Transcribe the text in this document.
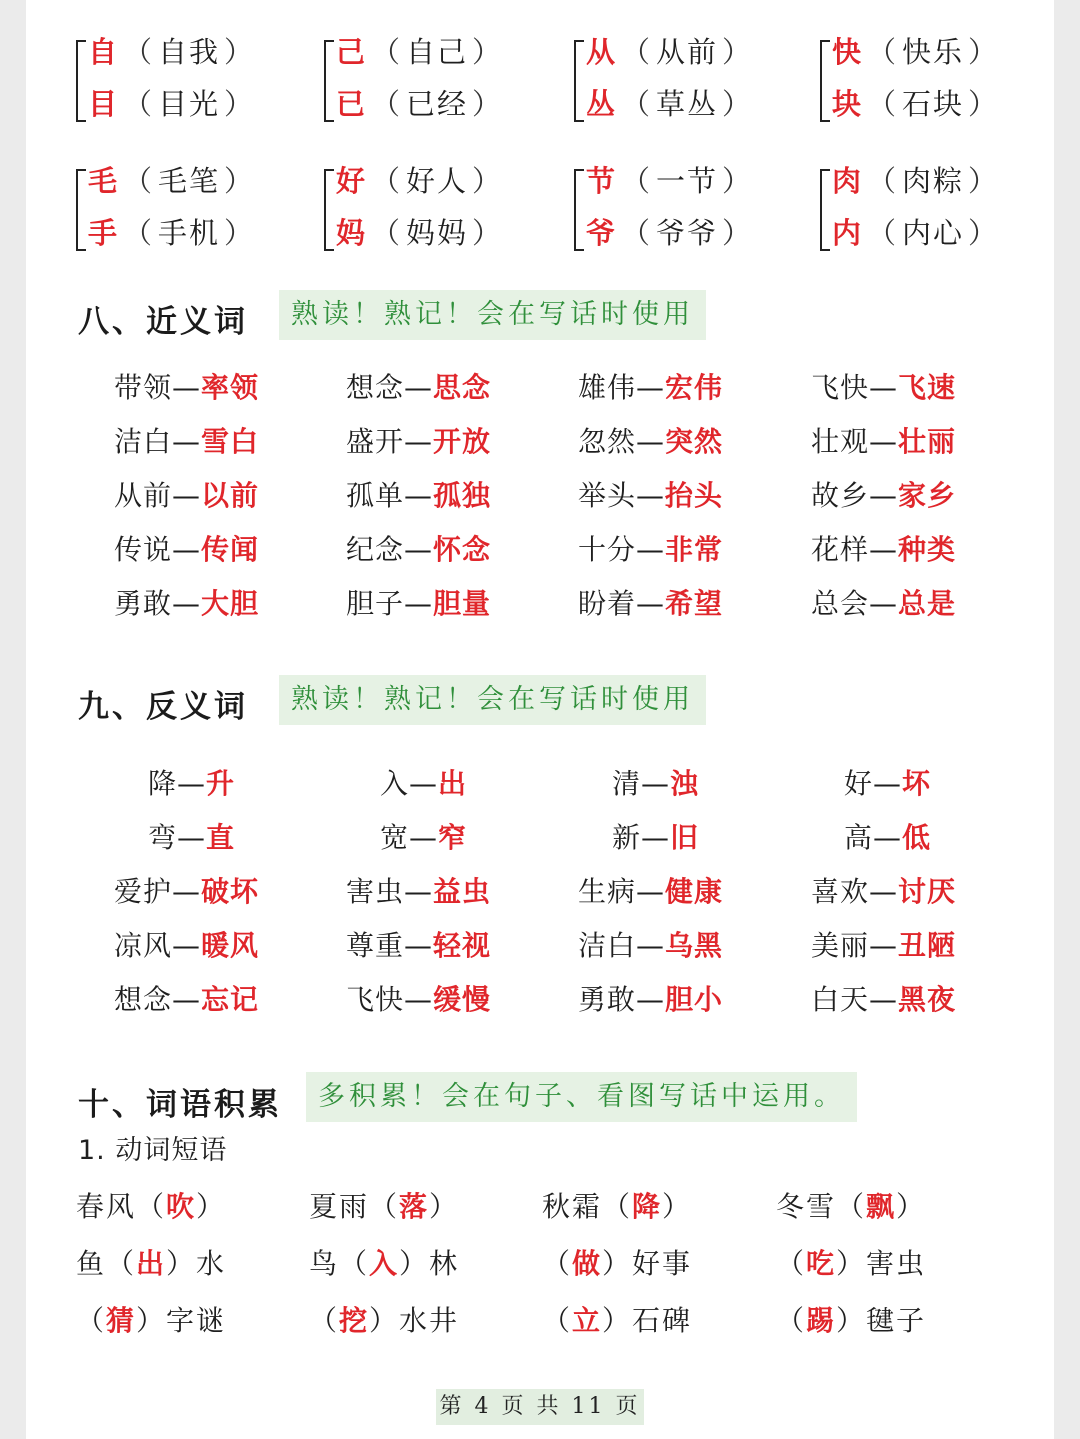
自 （ 自我 ）
目 （ 目光 ）
己 （ 自己 ）
已 （ 已经 ）
从 （ 从前 ）
丛 （ 草丛 ）
快 （ 快乐 ）
块 （ 石块 ）
毛 （ 毛笔 ）
手 （ 手机 ）
好 （ 好人 ）
妈 （ 妈妈 ）
节 （ 一节 ）
爷 （ 爷爷 ）
肉 （ 肉粽 ）
内 （ 内心 ）
八、近义词	熟读！熟记！会在写话时使用
带领—率领	想念—思念	雄伟—宏伟	飞快—飞速
洁白—雪白	盛开—开放	忽然—突然	壮观—壮丽
从前—以前	孤单—孤独	举头—抬头	故乡—家乡
传说—传闻	纪念—怀念	十分—非常	花样—种类
勇敢—大胆	胆子—胆量	盼着—希望	总会—总是
九、反义词	熟读！熟记！会在写话时使用
降—升	入—出	清—浊	好—坏
弯—直	宽—窄	新—旧	高—低
爱护—破坏	害虫—益虫	生病—健康	喜欢—讨厌
凉风—暖风	尊重—轻视	洁白—乌黑	美丽—丑陋
想念—忘记	飞快—缓慢	勇敢—胆小	白天—黑夜
十、词语积累	多积累！会在句子、看图写话中运用。
1. 动词短语
春风（吹）	夏雨（落）	秋霜（降）	冬雪（飘）
鱼（出）水	鸟（入）林	（做）好事	（吃）害虫
（猜）字谜	（挖）水井	（立）石碑	（踢）毽子
第 4 页 共 11 页
